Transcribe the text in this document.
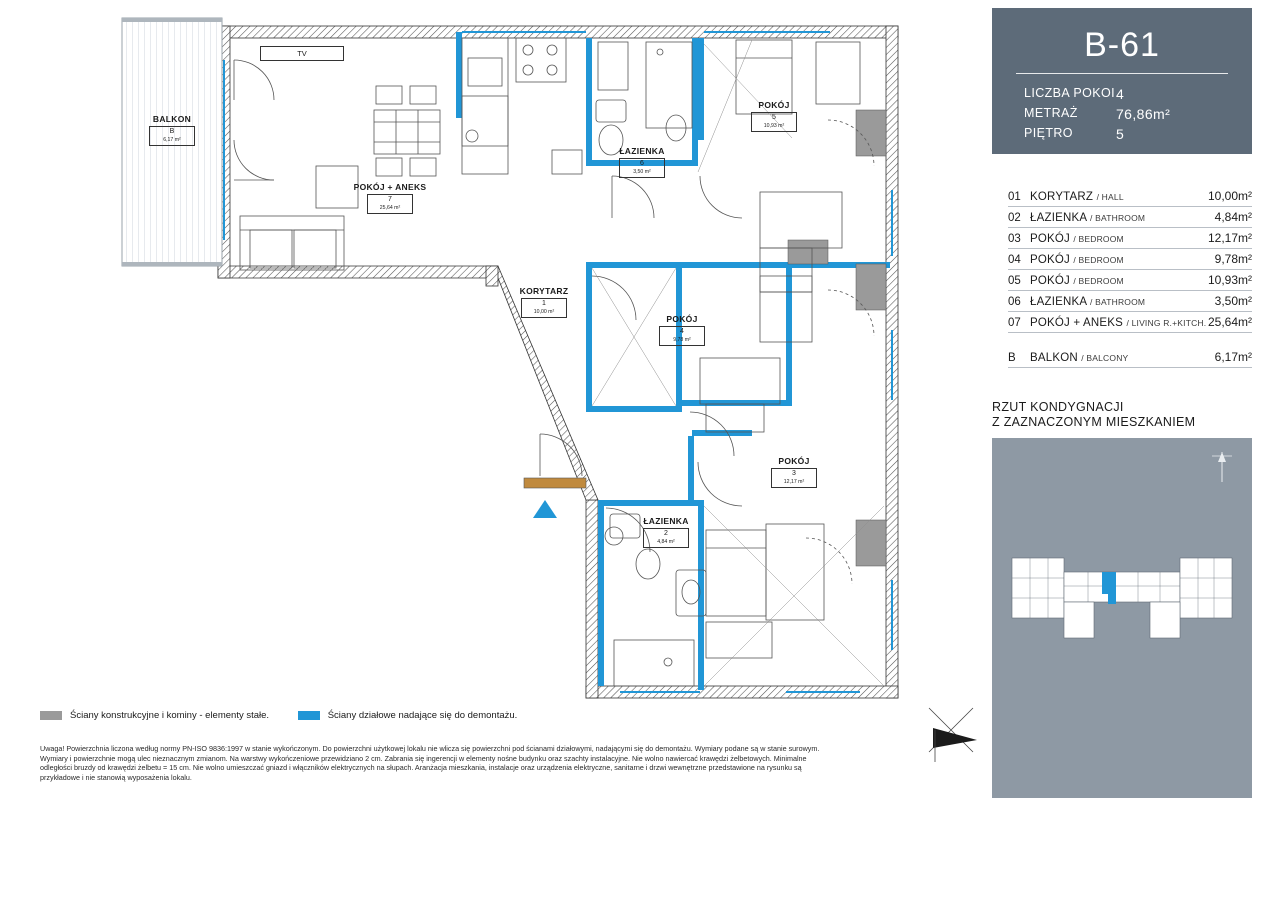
TV
BALKON
B
6,17 m²
POKÓJ + ANEKS
7
25,64 m²
KORYTARZ
1
10,00 m²
ŁAZIENKA
6
3,50 m²
POKÓJ
5
10,93 m²
POKÓJ
4
9,78 m²
POKÓJ
3
12,17 m²
ŁAZIENKA
2
4,84 m²
Ściany konstrukcyjne i kominy - elementy stałe.
	Ściany działowe nadające się do demontażu.
Uwaga! Powierzchnia liczona według normy PN-ISO 9836:1997 w stanie wykończonym. Do powierzchni użytkowej lokalu nie wlicza się powierzchni pod ścianami działowymi, nadającymi się do demontażu. Wymiary podane są w stanie surowym. Wymiary i powierzchnie mogą ulec nieznacznym zmianom. Na warstwy wykończeniowe przewidziano 2 cm. Zabrania się ingerencji w elementy nośne budynku oraz szachty instalacyjne. Nie wolno nawiercać krawędzi żelbetowych. Minimalne odległości bruzdy od krawędzi żelbetu = 15 cm. Nie wolno umieszczać gniazd i włączników elektrycznych na słupach. Aranżacja mieszkania, instalacje oraz urządzenia elektryczne, sanitarne i drzwi wewnętrzne przedstawione na rysunku są przykładowe i nie stanowią wyposażenia lokalu.
B-61
LICZBA POKOI 4
METRAŻ	76,86m²
PIĘTRO	5
01 KORYTARZ / HALL	10,00m²
02 ŁAZIENKA / BATHROOM	4,84m²
03 POKÓJ / BEDROOM	12,17m²
04 POKÓJ / BEDROOM	9,78m²
05 POKÓJ / BEDROOM	10,93m²
06 ŁAZIENKA / BATHROOM	3,50m²
07 POKÓJ + ANEKS / LIVING R.+KITCH. 25,64m²
B	BALKON / BALCONY	6,17m²
RZUT KONDYGNACJI
Z ZAZNACZONYM MIESZKANIEM
